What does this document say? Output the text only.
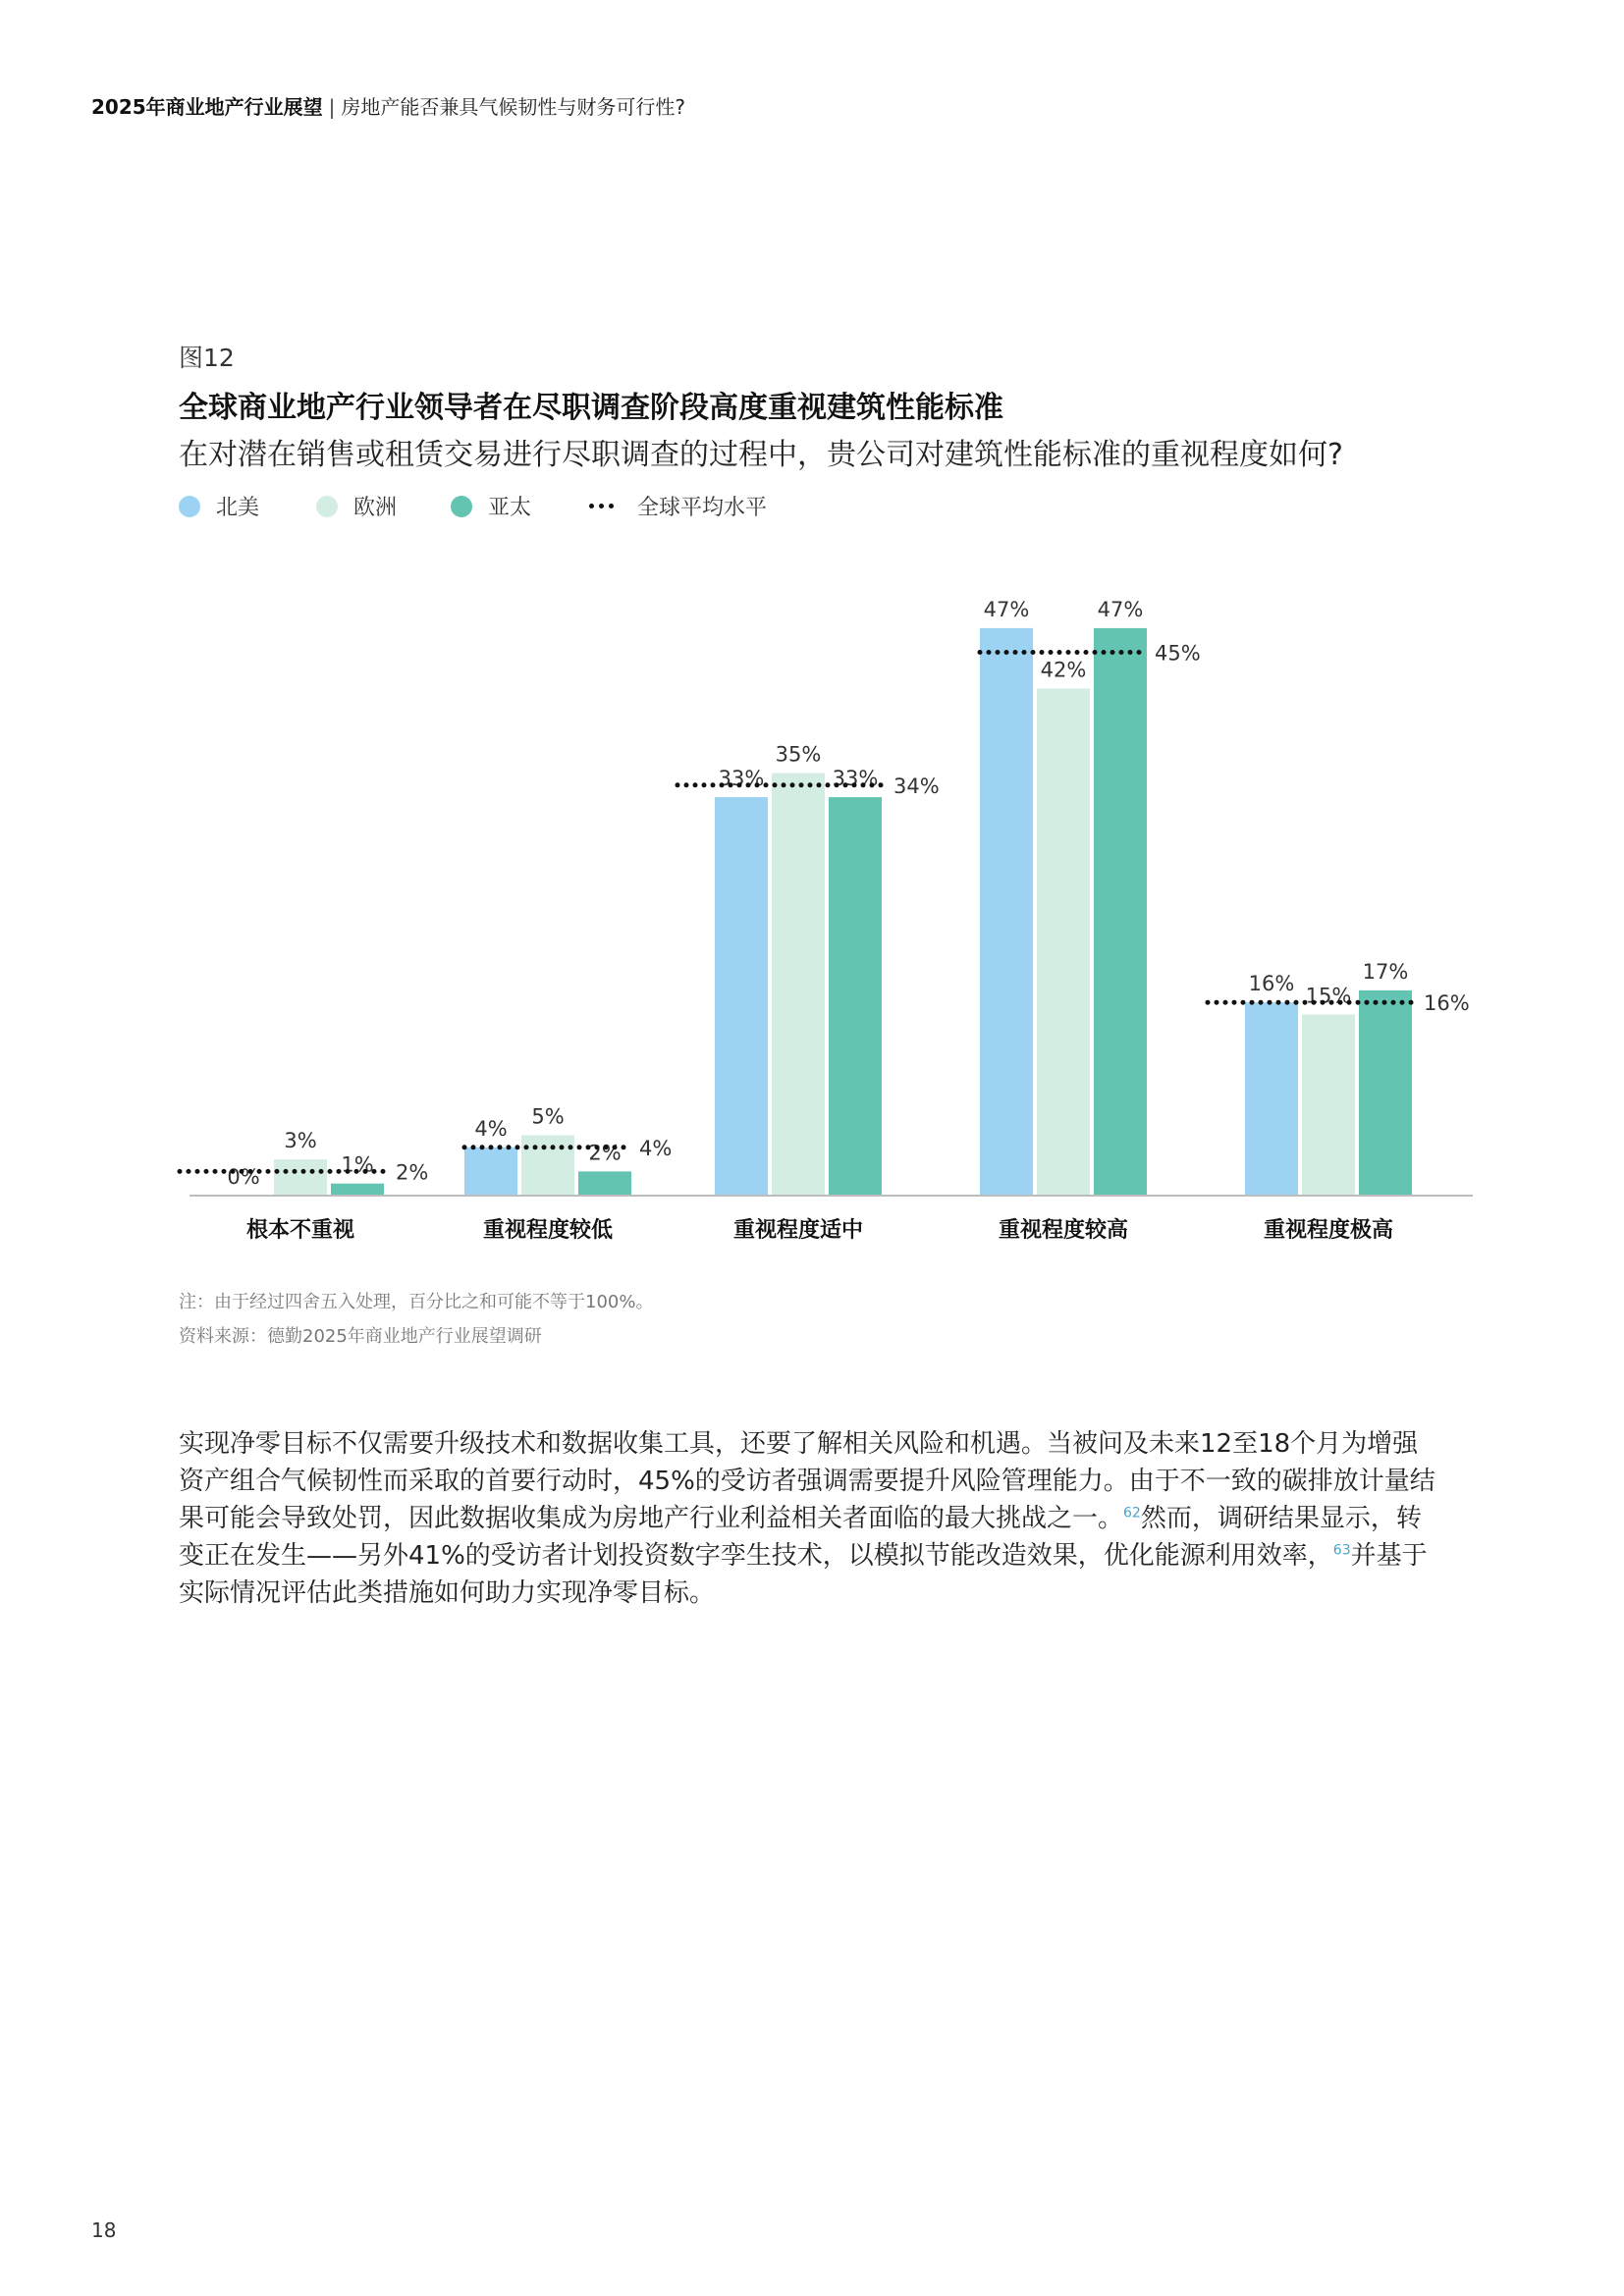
2025年商业地产行业展望 | 房地产能否兼具气候韧性与财务可行性?
图12
全球商业地产行业领导者在尽职调查阶段高度重视建筑性能标准
在对潜在销售或租赁交易进行尽职调查的过程中，贵公司对建筑性能标准的重视程度如何?
北美	欧洲	亚太	全球平均水平
0%
3%
1% 2%
根本不重视
4%
5%
2% 4%
重视程度较低
33%
35%
33% 34%
重视程度适中
47%
42%
47%
45%
重视程度较高
16%
15%
17%
16%
重视程度极高
注：由于经过四舍五入处理，百分比之和可能不等于100%。
资料来源：德勤2025年商业地产行业展望调研

实现净零目标不仅需要升级技术和数据收集工具，还要了解相关风险和机遇。当被问及未来12至18个月为增强

资产组合气候韧性而采取的首要行动时，45%的受访者强调需要提升风险管理能力。由于不一致的碳排放计量结

果可能会导致处罚，因此数据收集成为房地产行业利益相关者面临的最大挑战之一。$^{62}$然而，调研结果显示，转

变正在发生——另外41%的受访者计划投资数字孪生技术，以模拟节能改造效果，优化能源利用效率，$^{63}$并基于

实际情况评估此类措施如何助力实现净零目标。

18
